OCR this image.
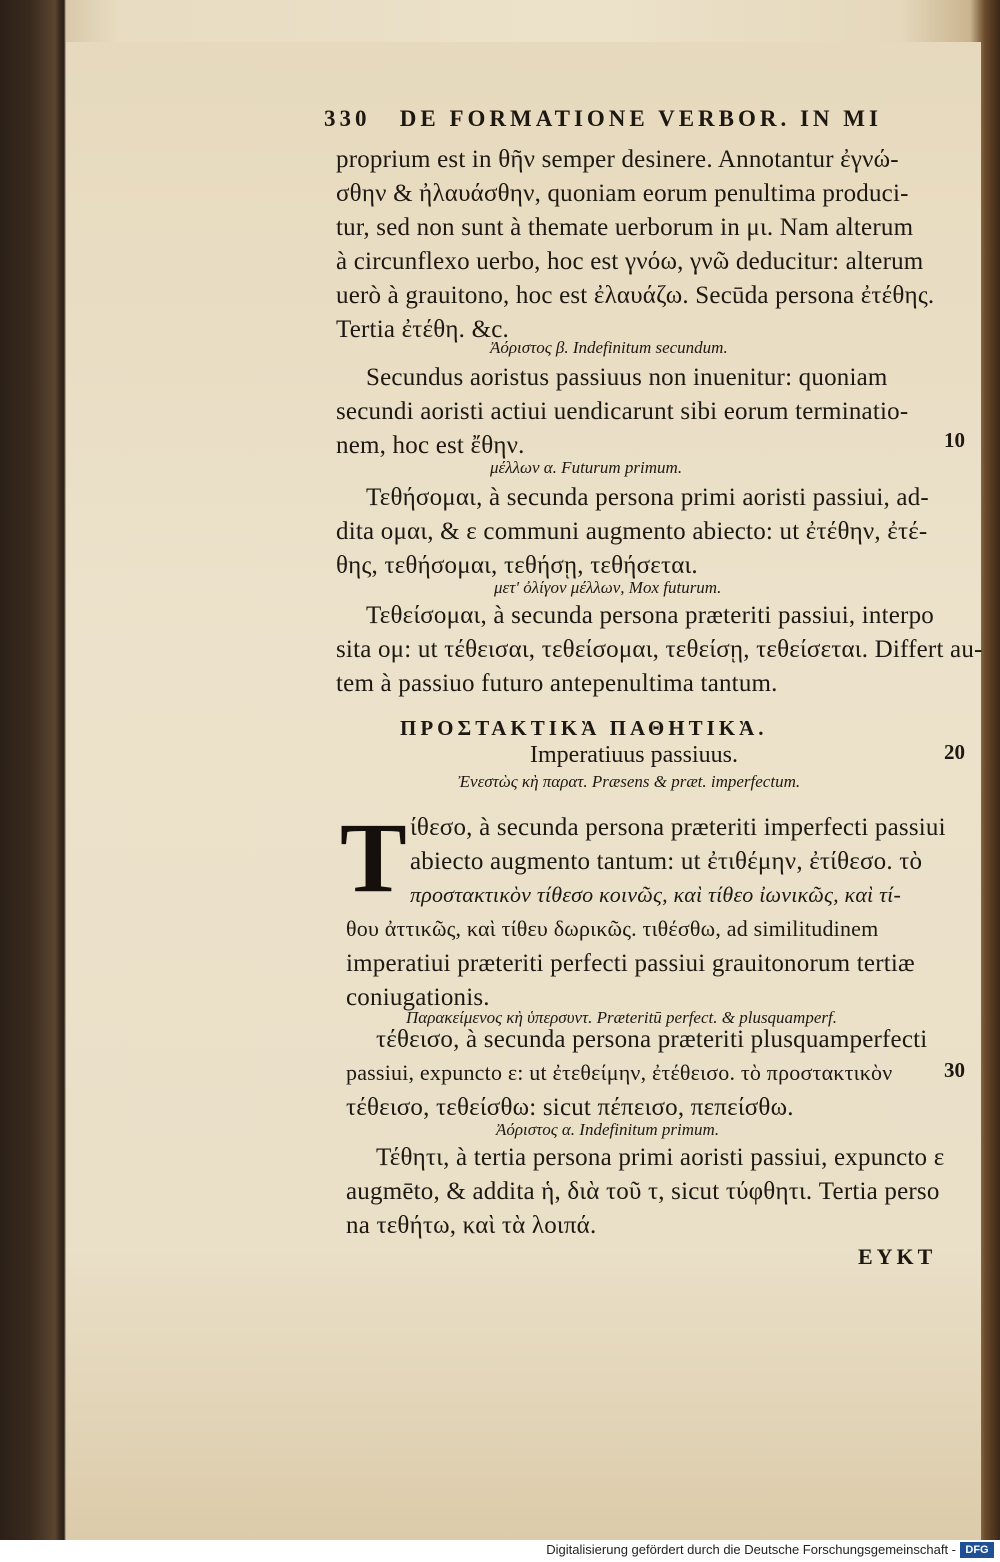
330 DE FORMATIONE VERBOR. IN MI
proprium est in θῆν semper desinere. Annotantur ἐγνώ-
σθην & ἠλαυάσθην, quoniam eorum penultima produci-
tur, sed non sunt à themate uerborum in μι. Nam alterum
à circunflexo uerbo, hoc est γνόω, γνῶ deducitur: alterum
uerò à grauitono, hoc est ἐλαυάζω. Secūda persona ἐτέθης.
Tertia ἐτέθη. &c.
Ἀόριστος β. Indefinitum secundum.
Secundus aoristus passiuus non inuenitur: quoniam
secundi aoristi actiui uendicarunt sibi eorum terminatio-
nem, hoc est ἔθην.
μέλλων α. Futurum primum.
Τεθήσομαι, à secunda persona primi aoristi passiui, ad-
dita ομαι, & ε communi augmento abiecto: ut ἐτέθην, ἐτέ-
θης, τεθήσομαι, τεθήσῃ, τεθήσεται.
μετ' ὀλίγον μέλλων, Mox futurum.
Τεθείσομαι, à secunda persona præteriti passiui, interpo
sita ομ: ut τέθεισαι, τεθείσομαι, τεθείσῃ, τεθείσεται. Differt au-
tem à passiuo futuro antepenultima tantum.
ΠΡΟΣΤΑΚΤΙΚᾺ ΠΑΘΗΤΙΚᾺ.
Imperatiuus passiuus.
Ἐνεστὼς κὴ παρατ. Præsens & præt. imperfectum.
T ίθεσο, à secunda persona præteriti imperfecti passiui
abiecto augmento tantum: ut ἐτιθέμην, ἐτίθεσο. τὸ
προστακτικὸν τίθεσο κοινῶς, καὶ τίθεο ἰωνικῶς, καὶ τί-
θου ἀττικῶς, καὶ τίθευ δωρικῶς. τιθέσθω, ad similitudinem
imperatiui præteriti perfecti passiui grauitonorum tertiæ
coniugationis.
Παρακείμενος κὴ ὑπερσυντ. Præteritū perfect. & plusquamperf.
τέθεισο, à secunda persona præteriti plusquamperfecti
passiui, expuncto ε: ut ἐτεθείμην, ἐτέθεισο. τὸ προστακτικὸν
τέθεισο, τεθείσθω: sicut πέπεισο, πεπείσθω.
Ἀόριστος α. Indefinitum primum.
Τέθητι, à tertia persona primi aoristi passiui, expuncto ε
augmēto, & addita ἡ, διὰ τοῦ τ, sicut τύφθητι. Tertia perso
na τεθήτω, καὶ τὰ λοιπά.
ΕΥΚΤ
10
20
30
Digitalisierung gefördert durch die Deutsche Forschungsgemeinschaft - DFG
